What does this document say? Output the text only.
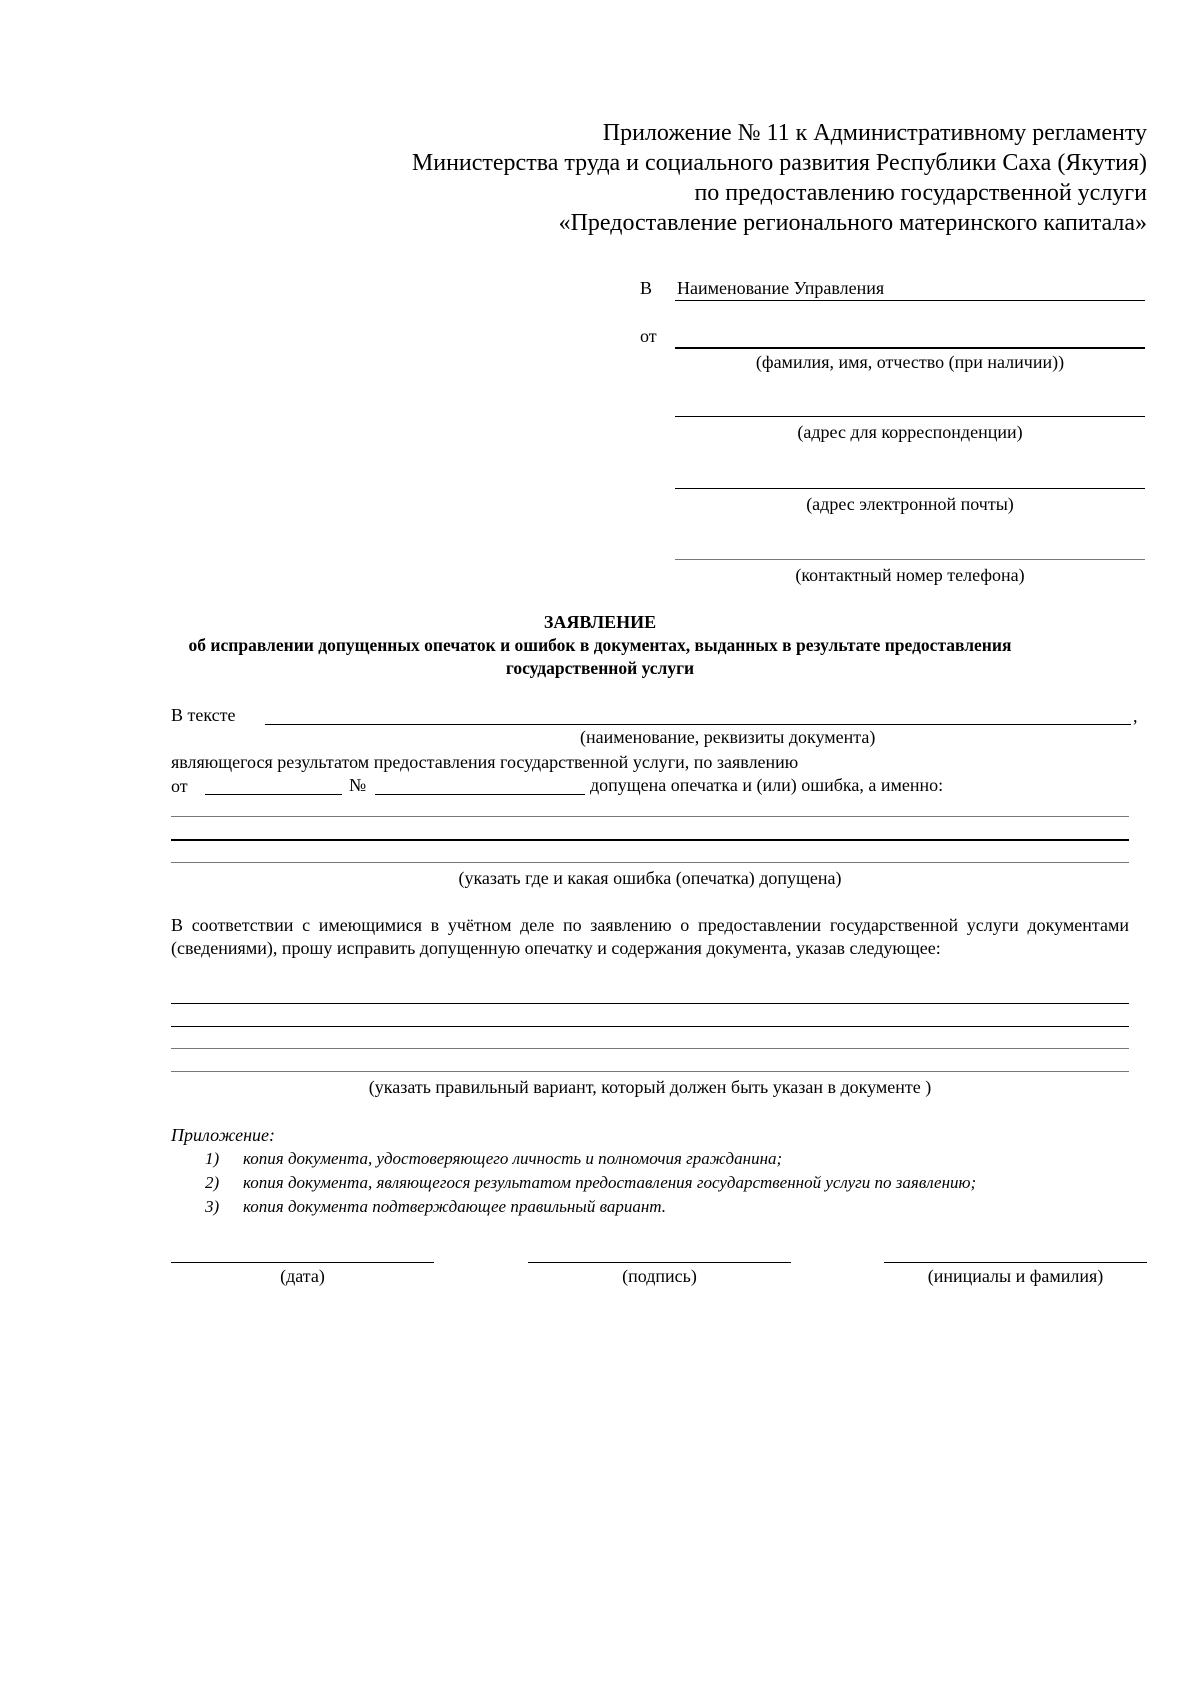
Приложение № 11 к Административному регламенту
Министерства труда и социального развития Республики Саха (Якутия)
по предоставлению государственной услуги
«Предоставление регионального материнского капитала»
В	Наименование Управления
от
(фамилия, имя, отчество (при наличии))
(адрес для корреспонденции)
(адрес электронной почты)
(контактный номер телефона)
ЗАЯВЛЕНИЕ
об исправлении допущенных опечаток и ошибок в документах, выданных в результате предоставления
государственной услуги
В тексте	,
(наименование, реквизиты документа)
являющегося результатом предоставления государственной услуги, по заявлению
от	№	допущена опечатка и (или) ошибка, а именно:
(указать где и какая ошибка (опечатка) допущена)
В соответствии с имеющимися в учётном деле по заявлению о предоставлении государственной услуги документами (сведениями), прошу исправить допущенную опечатку и содержания документа, указав следующее:
(указать правильный вариант, который должен быть указан в документе )
Приложение:
1) копия документа, удостоверяющего личность и полномочия гражданина;
2) копия документа, являющегося результатом предоставления государственной услуги по заявлению;
3) копия документа подтверждающее правильный вариант.
(дата)	(подпись)	(инициалы и фамилия)
